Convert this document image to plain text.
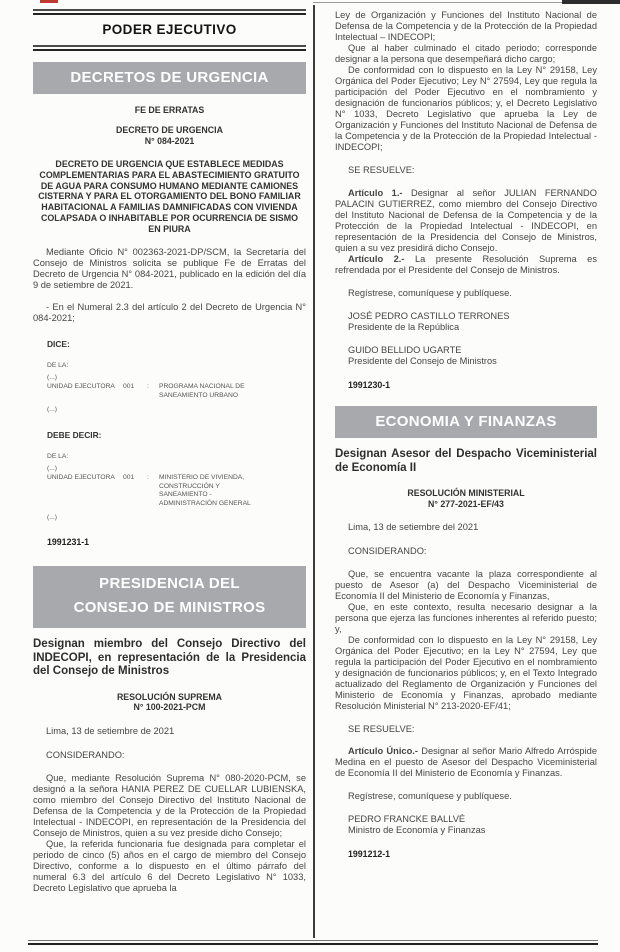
PODER EJECUTIVO
DECRETOS DE URGENCIA
FE DE ERRATAS
DECRETO DE URGENCIA
N° 084-2021
DECRETO DE URGENCIA QUE ESTABLECE MEDIDAS COMPLEMENTARIAS PARA EL ABASTECIMIENTO GRATUITO DE AGUA PARA CONSUMO HUMANO MEDIANTE CAMIONES CISTERNA Y PARA EL OTORGAMIENTO DEL BONO FAMILIAR HABITACIONAL A FAMILIAS DAMNIFICADAS CON VIVIENDA COLAPSADA O INHABITABLE POR OCURRENCIA DE SISMO EN PIURA

Mediante Oficio N° 002363-2021-DP/SCM, la Secretaría del Consejo de Ministros solicita se publique Fe de Erratas del Decreto de Urgencia N° 084-2021, publicado en la edición del día 9 de setiembre de 2021.

- En el Numeral 2.3 del artículo 2 del Decreto de Urgencia N° 084-2021;

DICE:
DE LA:
(...)
UNIDAD EJECUTORA	001	:	PROGRAMA NACIONAL DE SANEAMIENTO URBANO
(...)
DEBE DECIR:
DE LA:
(...)
UNIDAD EJECUTORA	001	:	MINISTERIO DE VIVIENDA, CONSTRUCCIÓN Y SANEAMIENTO - ADMINISTRACIÓN GENERAL
(...)
1991231-1
PRESIDENCIA DEL CONSEJO DE MINISTROS
Designan miembro del Consejo Directivo del INDECOPI, en representación de la Presidencia del Consejo de Ministros
RESOLUCIÓN SUPREMA
N° 100-2021-PCM

Lima, 13 de setiembre de 2021

CONSIDERANDO:

Que, mediante Resolución Suprema N° 080-2020-PCM, se designó a la señora HANIA PEREZ DE CUELLAR LUBIENSKA, como miembro del Consejo Directivo del Instituto Nacional de Defensa de la Competencia y de la Protección de la Propiedad Intelectual - INDECOPI, en representación de la Presidencia del Consejo de Ministros, quien a su vez preside dicho Consejo;

Que, la referida funcionaria fue designada para completar el periodo de cinco (5) años en el cargo de miembro del Consejo Directivo, conforme a lo dispuesto en el último párrafo del numeral 6.3 del artículo 6 del Decreto Legislativo N° 1033, Decreto Legislativo que aprueba la

Ley de Organización y Funciones del Instituto Nacional de Defensa de la Competencia y de la Protección de la Propiedad Intelectual – INDECOPI;

Que al haber culminado el citado periodo; corresponde designar a la persona que desempeñará dicho cargo;

De conformidad con lo dispuesto en la Ley N° 29158, Ley Orgánica del Poder Ejecutivo; Ley N° 27594, Ley que regula la participación del Poder Ejecutivo en el nombramiento y designación de funcionarios públicos; y, el Decreto Legislativo N° 1033, Decreto Legislativo que aprueba la Ley de Organización y Funciones del Instituto Nacional de Defensa de la Competencia y de la Protección de la Propiedad Intelectual - INDECOPI;

SE RESUELVE:

Artículo 1.- Designar al señor JULIAN FERNANDO PALACIN GUTIERREZ, como miembro del Consejo Directivo del Instituto Nacional de Defensa de la Competencia y de la Protección de la Propiedad Intelectual - INDECOPI, en representación de la Presidencia del Consejo de Ministros, quien a su vez presidirá dicho Consejo.

Artículo 2.- La presente Resolución Suprema es refrendada por el Presidente del Consejo de Ministros.

Regístrese, comuníquese y publíquese.

JOSÉ PEDRO CASTILLO TERRONES
Presidente de la República
GUIDO BELLIDO UGARTE
Presidente del Consejo de Ministros
1991230-1
ECONOMIA Y FINANZAS
Designan Asesor del Despacho Viceministerial de Economía II
RESOLUCIÓN MINISTERIAL
N° 277-2021-EF/43

Lima, 13 de setiembre del 2021

CONSIDERANDO:

Que, se encuentra vacante la plaza correspondiente al puesto de Asesor (a) del Despacho Viceministerial de Economía II del Ministerio de Economía y Finanzas,

Que, en este contexto, resulta necesario designar a la persona que ejerza las funciones inherentes al referido puesto; y,

De conformidad con lo dispuesto en la Ley N° 29158, Ley Orgánica del Poder Ejecutivo; en la Ley N° 27594, Ley que regula la participación del Poder Ejecutivo en el nombramiento y designación de funcionarios públicos; y, en el Texto Integrado actualizado del Reglamento de Organización y Funciones del Ministerio de Economía y Finanzas, aprobado mediante Resolución Ministerial N° 213-2020-EF/41;

SE RESUELVE:

Artículo Único.- Designar al señor Mario Alfredo Arróspide Medina en el puesto de Asesor del Despacho Viceministerial de Economía II del Ministerio de Economía y Finanzas.

Regístrese, comuníquese y publíquese.

PEDRO FRANCKE BALLVÉ
Ministro de Economía y Finanzas
1991212-1
